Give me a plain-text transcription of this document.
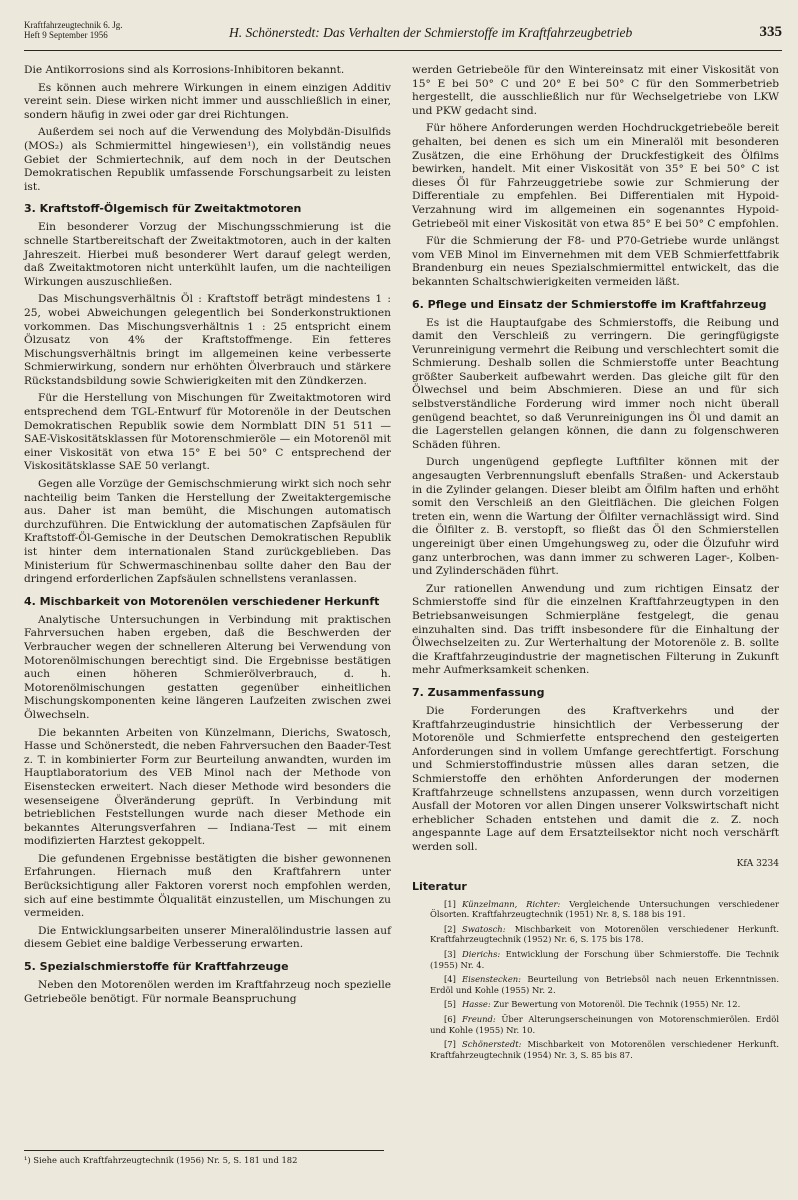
Kraftfahrzeugtechnik 6. Jg.
Heft 9 September 1956	H. Schönerstedt: Das Verhalten der Schmierstoffe im Kraftfahrzeugbetrieb	335

Die Antikorrosions sind als Korrosions-Inhibitoren bekannt.

Es können auch mehrere Wirkungen in einem einzigen Additiv vereint sein. Diese wirken nicht immer und ausschließlich in einer, sondern häufig in zwei oder gar drei Richtungen.

Außerdem sei noch auf die Verwendung des Molybdän-Disulfids (MOS₂) als Schmiermittel hingewiesen¹), ein vollständig neues Gebiet der Schmiertechnik, auf dem noch in der Deutschen Demokratischen Republik umfassende Forschungsarbeit zu leisten ist.

3. Kraftstoff-Ölgemisch für Zweitaktmotoren

Ein besonderer Vorzug der Mischungsschmierung ist die schnelle Startbereitschaft der Zweitaktmotoren, auch in der kalten Jahreszeit. Hierbei muß besonderer Wert darauf gelegt werden, daß Zweitaktmotoren nicht unterkühlt laufen, um die nachteiligen Wirkungen auszuschließen.

Das Mischungsverhältnis Öl : Kraftstoff beträgt mindestens 1 : 25, wobei Abweichungen gelegentlich bei Sonderkonstruktionen vorkommen. Das Mischungsverhältnis 1 : 25 entspricht einem Ölzusatz von 4% der Kraftstoffmenge. Ein fetteres Mischungsverhältnis bringt im allgemeinen keine verbesserte Schmierwirkung, sondern nur erhöhten Ölverbrauch und stärkere Rückstandsbildung sowie Schwierigkeiten mit den Zündkerzen.

Für die Herstellung von Mischungen für Zweitaktmotoren wird entsprechend dem TGL-Entwurf für Motorenöle in der Deutschen Demokratischen Republik sowie dem Normblatt DIN 51 511 — SAE-Viskositätsklassen für Motorenschmieröle — ein Motorenöl mit einer Viskosität von etwa 15° E bei 50° C entsprechend der Viskositätsklasse SAE 50 verlangt.

Gegen alle Vorzüge der Gemischschmierung wirkt sich noch sehr nachteilig beim Tanken die Herstellung der Zweitaktergemische aus. Daher ist man bemüht, die Mischungen automatisch durchzuführen. Die Entwicklung der automatischen Zapfsäulen für Kraftstoff-Öl-Gemische in der Deutschen Demokratischen Republik ist hinter dem internationalen Stand zurückgeblieben. Das Ministerium für Schwermaschinenbau sollte daher den Bau der dringend erforderlichen Zapfsäulen schnellstens veranlassen.

4. Mischbarkeit von Motorenölen verschiedener Herkunft

Analytische Untersuchungen in Verbindung mit praktischen Fahrversuchen haben ergeben, daß die Beschwerden der Verbraucher wegen der schnelleren Alterung bei Verwendung von Motorenölmischungen berechtigt sind. Die Ergebnisse bestätigen auch einen höheren Schmierölverbrauch, d. h. Motorenölmischungen gestatten gegenüber einheitlichen Mischungskomponenten keine längeren Laufzeiten zwischen zwei Ölwechseln.

Die bekannten Arbeiten von Künzelmann, Dierichs, Swatosch, Hasse und Schönerstedt, die neben Fahrversuchen den Baader-Test z. T. in kombinierter Form zur Beurteilung anwandten, wurden im Hauptlaboratorium des VEB Minol nach der Methode von Eisenstecken erweitert. Nach dieser Methode wird besonders die wesenseigene Ölveränderung geprüft. In Verbindung mit betrieblichen Feststellungen wurde nach dieser Methode ein bekanntes Alterungsverfahren — Indiana-Test — mit einem modifizierten Harztest gekoppelt.

Die gefundenen Ergebnisse bestätigten die bisher gewonnenen Erfahrungen. Hiernach muß den Kraftfahrern unter Berücksichtigung aller Faktoren vorerst noch empfohlen werden, sich auf eine bestimmte Ölqualität einzustellen, um Mischungen zu vermeiden.

Die Entwicklungsarbeiten unserer Mineralölindustrie lassen auf diesem Gebiet eine baldige Verbesserung erwarten.

5. Spezialschmierstoffe für Kraftfahrzeuge

Neben den Motorenölen werden im Kraftfahrzeug noch spezielle Getriebeöle benötigt. Für normale Beanspruchung

werden Getriebeöle für den Wintereinsatz mit einer Viskosität von 15° E bei 50° C und 20° E bei 50° C für den Sommerbetrieb hergestellt, die ausschließlich nur für Wechselgetriebe von LKW und PKW gedacht sind.

Für höhere Anforderungen werden Hochdruckgetriebeöle bereit gehalten, bei denen es sich um ein Mineralöl mit besonderen Zusätzen, die eine Erhöhung der Druckfestigkeit des Ölfilms bewirken, handelt. Mit einer Viskosität von 35° E bei 50° C ist dieses Öl für Fahrzeuggetriebe sowie zur Schmierung der Differentiale zu empfehlen. Bei Differentialen mit Hypoid-Verzahnung wird im allgemeinen ein sogenanntes Hypoid-Getriebeöl mit einer Viskosität von etwa 85° E bei 50° C empfohlen.

Für die Schmierung der F8- und P70-Getriebe wurde unlängst vom VEB Minol im Einvernehmen mit dem VEB Schmierfettfabrik Brandenburg ein neues Spezialschmiermittel entwickelt, das die bekannten Schaltschwierigkeiten vermeiden läßt.

6. Pflege und Einsatz der Schmierstoffe im Kraftfahrzeug

Es ist die Hauptaufgabe des Schmierstoffs, die Reibung und damit den Verschleiß zu verringern. Die geringfügigste Verunreinigung vermehrt die Reibung und verschlechtert somit die Schmierung. Deshalb sollen die Schmierstoffe unter Beachtung größter Sauberkeit aufbewahrt werden. Das gleiche gilt für den Ölwechsel und beim Abschmieren. Diese an und für sich selbstverständliche Forderung wird immer noch nicht überall genügend beachtet, so daß Verunreinigungen ins Öl und damit an die Lagerstellen gelangen können, die dann zu folgenschweren Schäden führen.

Durch ungenügend gepflegte Luftfilter können mit der angesaugten Verbrennungsluft ebenfalls Straßen- und Ackerstaub in die Zylinder gelangen. Dieser bleibt am Ölfilm haften und erhöht somit den Verschleiß an den Gleitflächen. Die gleichen Folgen treten ein, wenn die Wartung der Ölfilter vernachlässigt wird. Sind die Ölfilter z. B. verstopft, so fließt das Öl den Schmierstellen ungereinigt über einen Umgehungsweg zu, oder die Ölzufuhr wird ganz unterbrochen, was dann immer zu schweren Lager-, Kolben- und Zylinderschäden führt.

Zur rationellen Anwendung und zum richtigen Einsatz der Schmierstoffe sind für die einzelnen Kraftfahrzeugtypen in den Betriebsanweisungen Schmierpläne festgelegt, die genau einzuhalten sind. Das trifft insbesondere für die Einhaltung der Ölwechselzeiten zu. Zur Werterhaltung der Motorenöle z. B. sollte die Kraftfahrzeugindustrie der magnetischen Filterung in Zukunft mehr Aufmerksamkeit schenken.

7. Zusammenfassung

Die Forderungen des Kraftverkehrs und der Kraftfahrzeugindustrie hinsichtlich der Verbesserung der Motorenöle und Schmierfette entsprechend den gesteigerten Anforderungen sind in vollem Umfange gerechtfertigt. Forschung und Schmierstoffindustrie müssen alles daran setzen, die Schmierstoffe den erhöhten Anforderungen der modernen Kraftfahrzeuge schnellstens anzupassen, wenn durch vorzeitigen Ausfall der Motoren vor allen Dingen unserer Volkswirtschaft nicht erheblicher Schaden entstehen und damit die z. Z. noch angespannte Lage auf dem Ersatzteilsektor nicht noch verschärft werden soll.

KfA 3234
Literatur

[1] Künzelmann, Richter: Vergleichende Untersuchungen verschiedener Ölsorten. Kraftfahrzeugtechnik (1951) Nr. 8, S. 188 bis 191.

[2] Swatosch: Mischbarkeit von Motorenölen verschiedener Herkunft. Kraftfahrzeugtechnik (1952) Nr. 6, S. 175 bis 178.

[3] Dierichs: Entwicklung der Forschung über Schmierstoffe. Die Technik (1955) Nr. 4.

[4] Eisenstecken: Beurteilung von Betriebsöl nach neuen Erkenntnissen. Erdöl und Kohle (1955) Nr. 2.

[5] Hasse: Zur Bewertung von Motorenöl. Die Technik (1955) Nr. 12.

[6] Freund: Über Alterungserscheinungen von Motorenschmierölen. Erdöl und Kohle (1955) Nr. 10.

[7] Schönerstedt: Mischbarkeit von Motorenölen verschiedener Herkunft. Kraftfahrzeugtechnik (1954) Nr. 3, S. 85 bis 87.

¹) Siehe auch Kraftfahrzeugtechnik (1956) Nr. 5, S. 181 und 182
